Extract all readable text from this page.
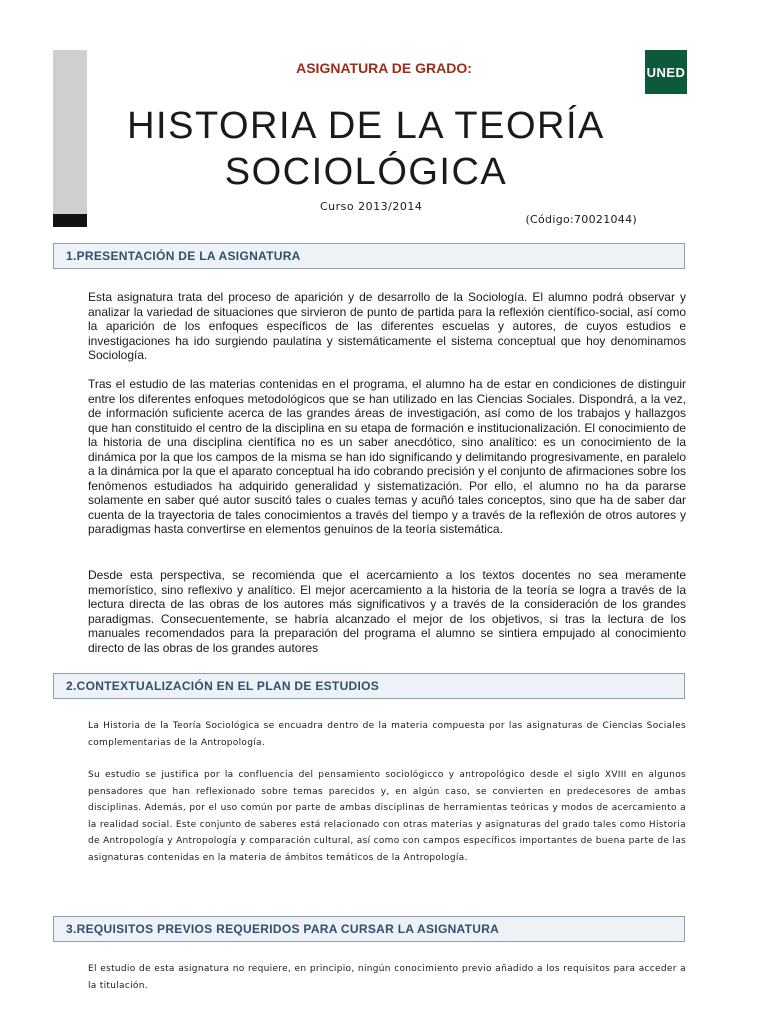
UNED
ASIGNATURA DE GRADO:
HISTORIA DE LA TEORÍA
SOCIOLÓGICA
Curso 2013/2014
(Código:70021044)
1.PRESENTACIÓN DE LA ASIGNATURA

Esta asignatura trata del proceso de aparición y de desarrollo de la Sociología. El alumno podrá observar y analizar la variedad de situaciones que sirvieron de punto de partida para la reflexión científico-social, así como la aparición de los enfoques específicos de las diferentes escuelas y autores, de cuyos estudios e investigaciones ha ido surgiendo paulatina y sistemáticamente el sistema conceptual que hoy denominamos Sociología.

Tras el estudio de las materias contenidas en el programa, el alumno ha de estar en condiciones de distinguir entre los diferentes enfoques metodológicos que se han utilizado en las Ciencias Sociales. Dispondrá, a la vez, de información suficiente acerca de las grandes áreas de investigación, así como de los trabajos y hallazgos que han constituido el centro de la disciplina en su etapa de formación e institucionalización. El conocimiento de la historia de una disciplina científica no es un saber anecdótico, sino analítico: es un conocimiento de la dinámica por la que los campos de la misma se han ido significando y delimitando progresivamente, en paralelo a la dinámica por la que el aparato conceptual ha ido cobrando precisión y el conjunto de afirmaciones sobre los fenómenos estudiados ha adquirido generalidad y sistematización. Por ello, el alumno no ha da pararse solamente en saber qué autor suscitó tales o cuales temas y acuñó tales conceptos, sino que ha de saber dar cuenta de la trayectoria de tales conocimientos a través del tiempo y a través de la reflexión de otros autores y paradigmas hasta convertirse en elementos genuinos de la teoría sistemática.

Desde esta perspectiva, se recomienda que el acercamiento a los textos docentes no sea meramente memorístico, sino reflexivo y analítico. El mejor acercamiento a la historia de la teoría se logra a través de la lectura directa de las obras de los autores más significativos y a través de la consideración de los grandes paradigmas. Consecuentemente, se habría alcanzado el mejor de los objetivos, si tras la lectura de los manuales recomendados para la preparación del programa el alumno se sintiera empujado al conocimiento directo de las obras de los grandes autores

2.CONTEXTUALIZACIÓN EN EL PLAN DE ESTUDIOS

La Historia de la Teoría Sociológica se encuadra dentro de la materia compuesta por las asignaturas de Ciencias Sociales complementarias de la Antropología.

Su estudio se justifica por la confluencia del pensamiento sociológicco y antropológico desde el siglo XVIII en algunos pensadores que han reflexionado sobre temas parecidos y, en algún caso, se convierten en predecesores de ambas disciplinas. Además, por el uso común por parte de ambas disciplinas de herramientas teóricas y modos de acercamiento a la realidad social. Este conjunto de saberes está relacionado con otras materias y asignaturas del grado tales como Historia de Antropología y Antropología y comparación cultural, así como con campos específicos importantes de buena parte de las asignaturas contenidas en la materia de ámbitos temáticos de la Antropología.

3.REQUISITOS PREVIOS REQUERIDOS PARA CURSAR LA ASIGNATURA

El estudio de esta asignatura no requiere, en principio, ningún conocimiento previo añadido a los requisitos para acceder a la titulación.
